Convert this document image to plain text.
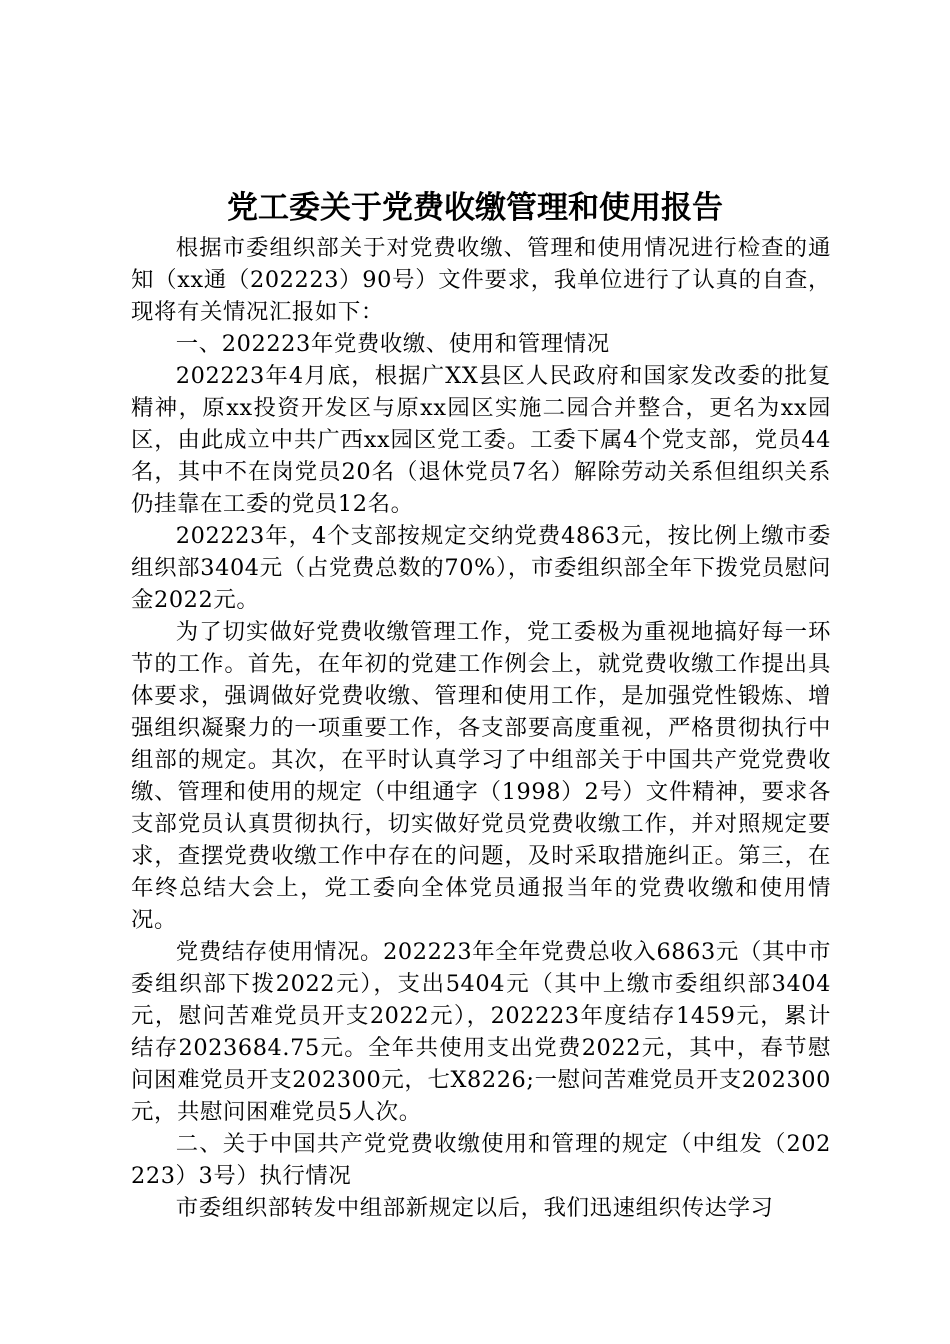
党工委关于党费收缴管理和使用报告

根据市委组织部关于对党费收缴、管理和使用情况进行检查的通知（xx通（202223）90号）文件要求，我单位进行了认真的自查，现将有关情况汇报如下：

一、202223年党费收缴、使用和管理情况

202223年4月底，根据广XX县区人民政府和国家发改委的批复精神，原xx投资开发区与原xx园区实施二园合并整合，更名为xx园区，由此成立中共广西xx园区党工委。工委下属4个党支部，党员44名，其中不在岗党员20名（退休党员7名）解除劳动关系但组织关系仍挂靠在工委的党员12名。

202223年，4个支部按规定交纳党费4863元，按比例上缴市委组织部3404元（占党费总数的70%），市委组织部全年下拨党员慰问金2022元。

为了切实做好党费收缴管理工作，党工委极为重视地搞好每一环节的工作。首先，在年初的党建工作例会上，就党费收缴工作提出具体要求，强调做好党费收缴、管理和使用工作，是加强党性锻炼、增强组织凝聚力的一项重要工作，各支部要高度重视，严格贯彻执行中组部的规定。其次，在平时认真学习了中组部关于中国共产党党费收缴、管理和使用的规定（中组通字（1998）2号）文件精神，要求各支部党员认真贯彻执行，切实做好党员党费收缴工作，并对照规定要求，查摆党费收缴工作中存在的问题，及时采取措施纠正。第三，在年终总结大会上，党工委向全体党员通报当年的党费收缴和使用情况。

党费结存使用情况。202223年全年党费总收入6863元（其中市委组织部下拨2022元），支出5404元（其中上缴市委组织部3404元，慰问苦难党员开支2022元），202223年度结存1459元，累计结存2023684.75元。全年共使用支出党费2022元，其中，春节慰问困难党员开支202300元，七X8226;一慰问苦难党员开支202300元，共慰问困难党员5人次。

二、关于中国共产党党费收缴使用和管理的规定（中组发（202223）3号）执行情况

市委组织部转发中组部新规定以后，我们迅速组织传达学习
